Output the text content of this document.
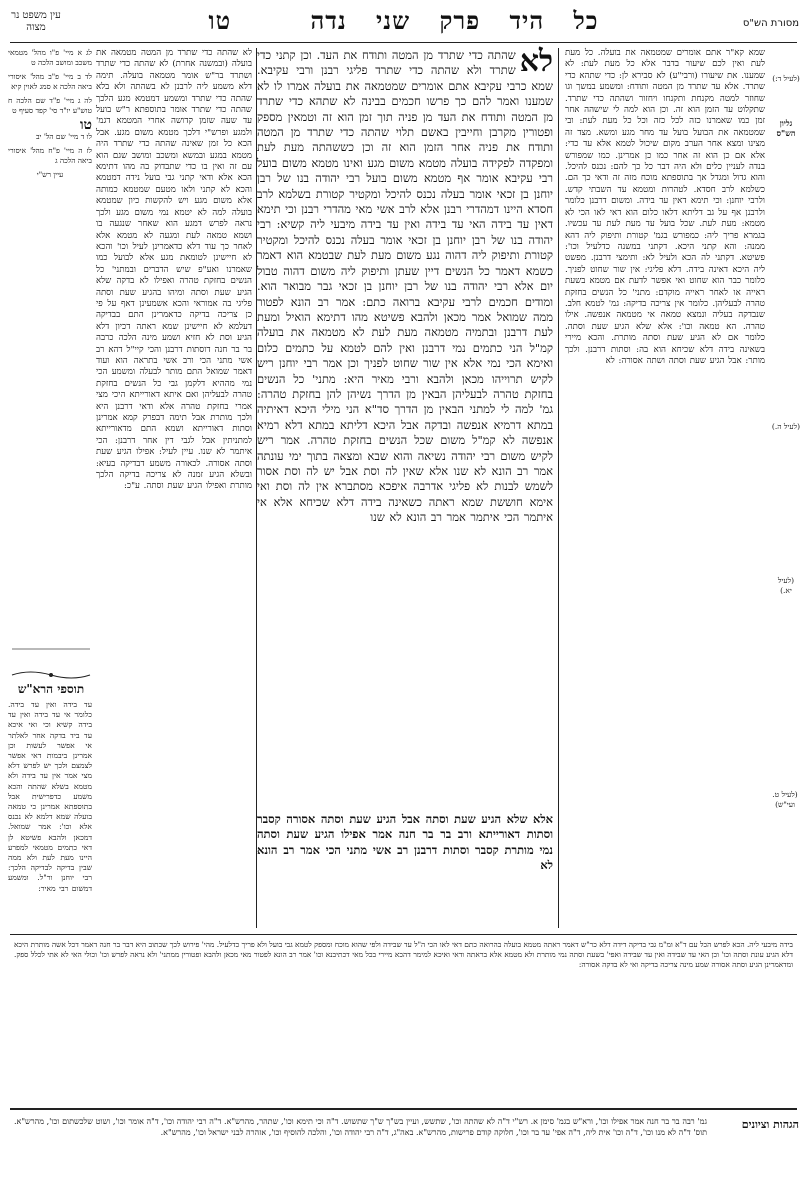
מסורת הש"ס
כל היד פרק שני נדה טו
עין משפט נר מצוה
(לעיל ד:)
גליון הש"ס
(לעיל ה.)
(לעיל יא.)
(לעיל ט. ועי"ש)
שמא קא"ר אתם אומרים שמטמאה את בועלה. כל מעת לעת ואין לכם שיעור בדבר אלא כל מעת לעת: לא שמענו. את שיעורו (ורבי"ע) לא סבירא לן: כדי שתהא כדי שתרד. אלא עד שתרד מן המטה ותודח: ומשמע במשך וגו שחוזר למטה מקנחת ותקנחו ויחזור ושהתה כדי שתרד. שתקלוט עד הזמן הוא זה. וכן הוא למה לי שישהה אחר זמן כמו שאמרנו כזה לכל כזה וכל כל מעת לעת: ובי שמטמאה את הבועל בועל עד מחר מגע ומשא. מצד זה מצינו ומצא אחר הערב מקום שיכול לטמא אלא עד כדי: אלא אם כן הוא זה אחר כמו כן אמרינן. כמו שמפורש בנדה לעניין כלים ולא היה דבר כל כך להם: נכנס להיכל. והוא גדול ומגדל אך בתוספתא מוכח מזה זה ודאי כך הם. כשלמא לרב חסדא. לטהרות ומטמא עד השבתי קדש. ולרבי יוחנן: וכי תימא דאין עד בידה. ומשום דרבנן כלומר ולרבנן אף על גב דליתא דלאו כלום הוא דאי לאו הכי לא מטמא: מעת לעת. שכל בועל עד מעת לעת עד עכשיו. בגמרא פריך ליה: כמפורש בגמ' קטורת ותיפוק ליה דהא ממנה: והא קתני היכא. דקתני במשנה כדלעיל וכו': פשיטא. דקתני לה הכא ולעיל לא: ותימצי דרבנן. מפשט ליה היכא דאינה בידה. דלא פליגי: אין שור שחוט לפניך. כלומר כבר הוא שחוט ואי אפשר לדעת אם מטמא בשעת ראייה או לאחר ראייה מוקדם: מתני' כל הנשים בחזקת טהרה לבעליהן. כלומר אין צריכה בדיקה: גמ' לטמא חלב. שנבדקה בעליה ונמצא טמאה אי מטמאה אנפשה. אילו טהרה. הא טמאה וכו': אלא שלא הגיע שעת וסתה. כלומר אם לא הגיע שעת וסתה מותרת. והכא מיירי בשאינה בידה דלא שכיחא הוא בה: וסתות דרבנן. ולכך מותר: אבל הגיע שעת וסתה ושתה אסורה: לא
לא
שהתה כדי שתרד מן המטה ותודח את העד. וכן קתני כדי שתרד ולא שהתה כדי שתרד פליגי רבנן ורבי עקיבא. שמא כרבי עקיבא אתם אומרים שמטמאה את בועלה אמרו לו לא שמענו ואמר להם כך פרשו חכמים בבינה לא שתהא כדי שתרד מן המטה ותודח את העד מן פניה תוך זמן הוא זה וטמאין מספק ופטורין מקרבן וחייבין באשם תלוי שהתה כדי שתרד מן המטה ותודח את פניה אחר הזמן הוא זה וכן כששהתה מעת לעת ומפקדה לפקידה בועלה מטמא משום מגע ואינו מטמא משום בועל רבי עקיבא אומר אף מטמא משום בועל רבי יהודה בנו של רבן יוחנן בן זכאי אומר בעלה נכנס להיכל ומקטיר קטורת בשלמא לרב חסדא היינו דמהדרי רבנן אלא לרב אשי מאי מהדרי רבנן וכי תימא דאין עד בידה האי עד בידה ואין עד בידה מיבעי ליה קשיא: רבי יהודה בנו של רבן יוחנן בן זכאי אומר בעלה נכנס להיכל ומקטיר קטורת ותיפוק ליה דהוה נגע משום מעת לעת שבטמא הוא דאמר כשמא דאמר כל הנשים דיין שעתן ותיפוק ליה משום דהוה טבול יום אלא רבי יהודה בנו של רבן יוחנן בן זכאי גבר מבואר הוא. ומודים חכמים לרבי עקיבא ברואה כתם: אמר רב הונא לפטור ממה שמואל אמר מכאן ולהבא פשיטא מהו דתימא הואיל ומעת לעת דרבנן ובתמיה מטמאה מעת לעת לא מטמאה את בועלה קמ"ל הני כתמים נמי דרבנן ואין להם לטמא על כתמים כלום ואימא הכי נמי אלא אין שור שחוט לפניך וכן אמר רבי יוחנן ריש לקיש תרוייהו מכאן ולהבא ורבי מאיר היא: מתני' כל הנשים בחזקת טהרה לבעליהן הבאין מן הדרך נשיהן להן בחזקת טהרה: גמ' למה לי למתני הבאין מן הדרך סד"א הני מילי היכא דאיתיה במתא דרמיא אנפשה ובדקה אבל היכא דליתא במתא דלא רמיא אנפשה לא קמ"ל משום שכל הנשים בחזקת טהרה. אמר ריש לקיש משום רבי יהודה נשיאה והוא שבא ומצאה בתוך ימי עונתה אמר רב הונא לא שנו אלא שאין לה וסת אבל יש לה וסת אסור לשמש לבנות לא פליגי אדרבה איפכא מסתברא אין לה וסת ואי אימא חוששת שמא ראתה כשאינה בידה דלא שכיחא אלא אי איתמר הכי איתמר אמר רב הונא לא שנו
אלא שלא הגיע שעת וסתה אבל הגיע שעת וסתה אסורה קסבר וסתות דאורייתא ורב בר בר חנה אמר אפילו הגיע שעת וסתה נמי מותרת קסבר וסתות דרבנן רב אשי מתני הכי אמר רב הונא לא
לא שהתה כדי שתרד מן המטה מטמאה את בועלה (ובמשנה אחרת) לא שהתה כדי שתרד ושתרד בר"ש אומר מטמאה בועלה. תימה דלא משמע ליה לרבנן לא בשהתה ולא בלא שהתה כדי שתרד ומשמע דמטמא מגע הלכך שהתה כדי שתרד אומר בתוספתא ר"ש בועל עד שעה שזמן קדושה אחרי המטמא דגמ' ולמגע ופרש"י דלכך מטמא משום מגע. אבל הכא כל זמן שאינה שהתה כדי שתרד היה מטמא במגע ובמשא ומשכב ומושב שגם הוא עם זה ואין בו כדי שתבדוק בה מהו דתימא הכא אלא ודאי קתני גבי בועל נידה דמטמא והכא לא קתני ולאו מטעם שמטמא כמותה אלא משום מגע ויש להקשות כיון שמטמא בועלה למה לא יטמא נמי משום מגע ולכך נראה לפרש דמגע הוא שאחר שנגעה בו ושמא טמאה לעת ומגעה לא מטמא אלא לאחר כך עוד דלא כדאמרינן לעיל וכו' והכא לא חיישינן לטומאת מגע אלא לבועל כמו שאמרנו ואע"פ שיש הדברים ובמתני' כל הנשים בחזקת טהרה ואפילו לא בדקה שלא הגיע שעת וסתה ומיהו בהגיע שעת וסתה פליגי בה אמוראי והכא אשמעינן דאף על פי כן צריכה בדיקה כדאמרינן התם בבדיקה דעלמא לא חיישינן שמא ראתה דכיון דלא הגיע וסת לא חזיא ושמע מינה הלכה כרבה בר בר חנה דוסתות דרבנן והכי קיי"ל דהא רב אשי מתני הכי ורב אשי בתראה הוא ועוד דאמר שמואל התם מותר לבעלה ומשמע הכי נמי מההיא דלקמן גבי כל הנשים בחזקת טהרה לבעליהן ואם איתא דאורייתא היכי מצי אמרי בחזקת טהרה אלא ודאי דרבנן היא ולכך מותרת אבל תימה דבפרק קמא אמרינן וסתות דאורייתא ושמא התם מדאורייתא למתניתין אבל לגבי דין אחר דרבנן: הכי איתמר לא שנו. עיין לעיל: אפילו הגיע שעת וסתה אסורה. לכאורה משמע דבדיקה בעיא: ובשלא הגיע זמנה לא צריכה בדיקה הלכך מותרת ואפילו הגיע שעת וסתה. ע"כ:
לג א מיי' פ"ו מהל' מטמאי משכב ומושב הלכה ט
לד ב מיי' פ"ב מהל' איסורי ביאה הלכה א סמג לאוין קיא
לה ג מיי' פ"ד שם הלכה ח טוש"ע יו"ד סי' קפד סעיף ט
טו
לו ד מיי' שם הל' יב
לז ה מיי' פ"ח מהל' איסורי ביאה הלכה ג
עיין רש"י
תוספי הרא"ש
עד בידה ואין עד בידה. כלומר אי עד בידה ואין עד בידה קשיא וכי ואי איכא עד ביד בדקה אחר לאלתר אי אפשר לעשות וכן אמרינן ביבמות דאי אפשר לצמצם ולכך יש לפרש דלא מצי אמר אין עד בידה ולא מטמא בשלא שהתה והכא משמע כדפרישית אבל בתוספתא אמרינן כי טמאה בועלה שמא דלמא לא נכנס אלא וכו': אמר שמואל. דמכאן ולהבא פשיטא לן דאי כתמים מטמאי למפרע היינו מעת לעת ולא ממה שבין בדיקה לבדיקה הלכך: רבי יוחנן ור"ל. ומשמע דמשום רבי מאיר:
בידה מיבעי ליה. הכא לפרש הכל עם ד"א ומ"מ גבי בדיקה דידה דלא כר"ש דאמר ראתה מטמא בועלה בהרואה כתם דאי לאו הכי ה"ל עד שבידה ולפי שהוא מוכח ומספק לטמא גבי בועל ולא פריך כדלעיל. מהי' פירוש לכך שכתוב היא דבר בר חנה דאמר דכל אשה מותרת היכא דלא הגיע עונת וסתה וכו' וכן האי עד שבידה ואין עד שבידה ואפי' בשעת וסתה נמי מותרת ולא מטמא אלא בראתה ודאי ואיכא למימר דהכא מיירי בכל מאי דכתיבנא וכו' אמר רב הונא לפטור מאי מכאן ולהבא ופטורין ממתני' ולא נראה לפרש וכו' וכולי האי לא אתי לכלל ספק. ומדאמרינן הגיע וסתה אסורה שמע מינה צריכה בדיקה ואי לא בדקה אסורה:
הגהות וציונים
גמ' רבה בר בר חנה אמר אפילו וכו', ורא"ש בגמ' סימן א. רש"י ד"ה לא שהתה וכו', שתשש, ועיין בש"ך ש"ך שתשוש. ד"ה וכי תימא וכו', שתהר, מהרש"א. ד"ה רבי יהודה וכו', ד"ה אומר וכו', ושוט שלכשתום וכו', מהרש"א. תוס' ד"ה לא מנו וכו', ד"ה וכו' אית ליה, ד"ה אפי' עד בר וכו', חלוקה קודם פרישות, מהרש"א. באה"ג, ד"ה רבי יהודה וכו', והלכה להוסיף וכו', אזהרה לבני ישראל וכו', מהרש"א.
